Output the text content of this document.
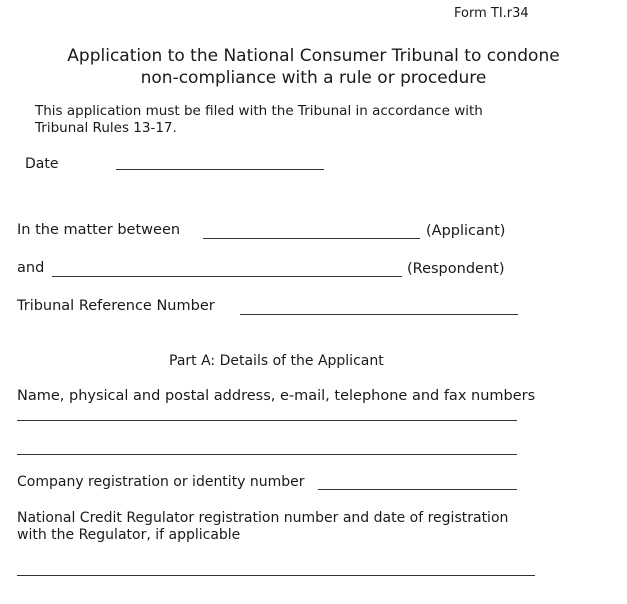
Form TI.r34
Application to the National Consumer Tribunal to condone
non-compliance with a rule or procedure
This application must be filed with the Tribunal in accordance with
Tribunal Rules 13-17.
Date
In the matter between	(Applicant)
and	(Respondent)
Tribunal Reference Number
Part A: Details of the Applicant
Name, physical and postal address, e-mail, telephone and fax numbers
Company registration or identity number
National Credit Regulator registration number and date of registration
with the Regulator, if applicable
